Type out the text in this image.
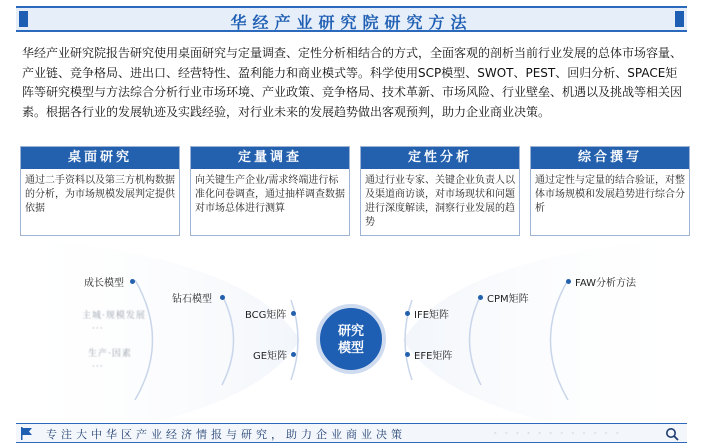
华经产业研究院研究方法

华经产业研究院报告研究使用桌面研究与定量调查、定性分析相结合的方式，全面客观的剖析当前行业发展的总体市场容量、产业链、竞争格局、进出口、经营特性、盈利能力和商业模式等。科学使用SCP模型、SWOT、PEST、回归分析、SPACE矩阵等研究模型与方法综合分析行业市场环境、产业政策、竞争格局、技术革新、市场风险、行业壁垒、机遇以及挑战等相关因素。根据各行业的发展轨迹及实践经验，对行业未来的发展趋势做出客观预判，助力企业商业决策。

桌面研究
通过二手资料以及第三方机构数据的分析，为市场规模发展判定提供依据
定量调查
向关键生产企业/需求终端进行标准化问卷调查，通过抽样调查数据对市场总体进行测算
定性分析
通过行业专家、关键企业负责人以及渠道商访谈，对市场现状和问题进行深度解读，洞察行业发展的趋势
综合撰写
通过定性与定量的结合验证，对整体市场规模和发展趋势进行综合分析
成长模型
主城·规模发展
···
生产·因素
···
钻石模型
BCG矩阵
GE矩阵
研究
模型
IFE矩阵
EFE矩阵
CPM矩阵
FAW分析方法
专注大中华区产业经济情报与研究，助力企业商业决策	· · · · · · · · · · · ·
